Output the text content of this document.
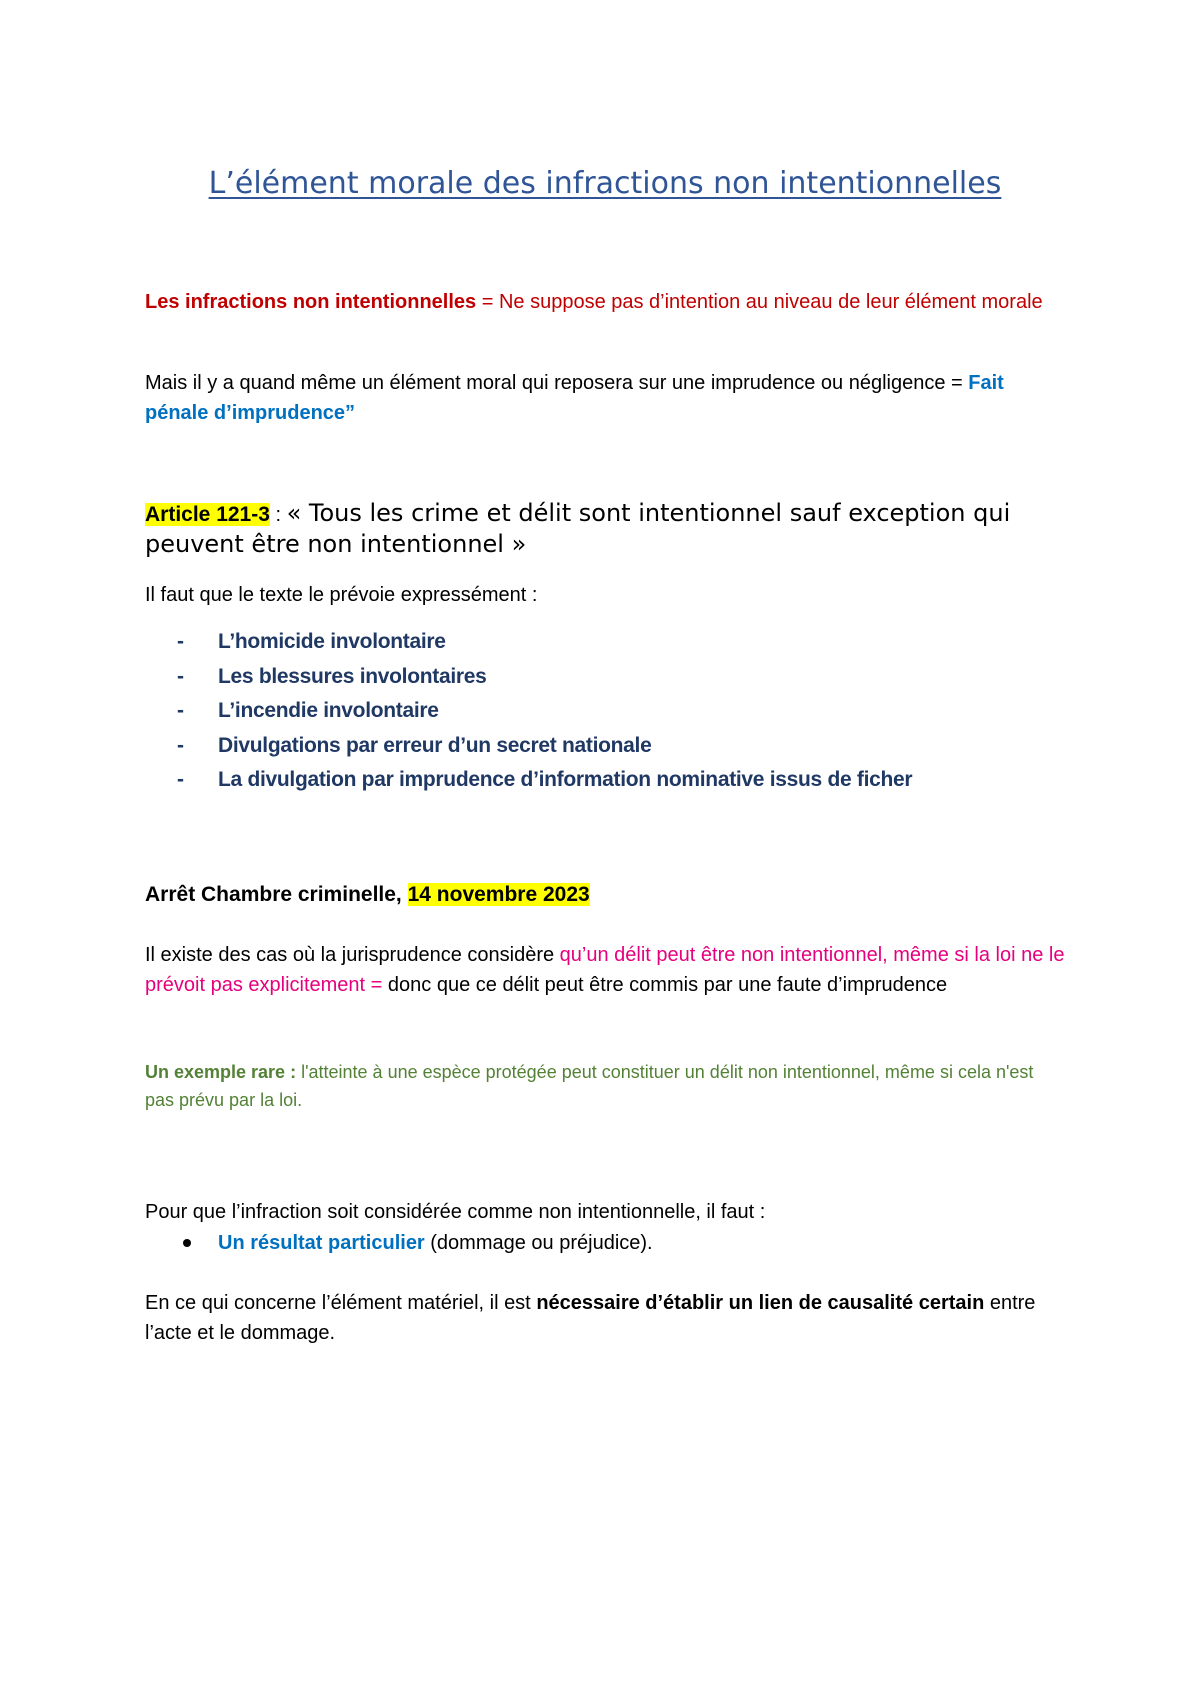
L’élément morale des infractions non intentionnelles

Les infractions non intentionnelles = Ne suppose pas d’intention au niveau de leur élément morale

Mais il y a quand même un élément moral qui reposera sur une imprudence ou négligence = Fait pénale d’imprudence”

Article 121-3 : « Tous les crime et délit sont intentionnel sauf exception qui peuvent être non intentionnel »

Il faut que le texte le prévoie expressément :

- L’homicide involontaire
- Les blessures involontaires
- L’incendie involontaire
- Divulgations par erreur d’un secret nationale
- La divulgation par imprudence d’information nominative issus de ficher

Arrêt Chambre criminelle, 14 novembre 2023

Il existe des cas où la jurisprudence considère qu’un délit peut être non intentionnel, même si la loi ne le prévoit pas explicitement = donc que ce délit peut être commis par une faute d’imprudence

Un exemple rare : l'atteinte à une espèce protégée peut constituer un délit non intentionnel, même si cela n'est pas prévu par la loi.

Pour que l’infraction soit considérée comme non intentionnelle, il faut :

Un résultat particulier (dommage ou préjudice).

En ce qui concerne l’élément matériel, il est nécessaire d’établir un lien de causalité certain entre l’acte et le dommage.
